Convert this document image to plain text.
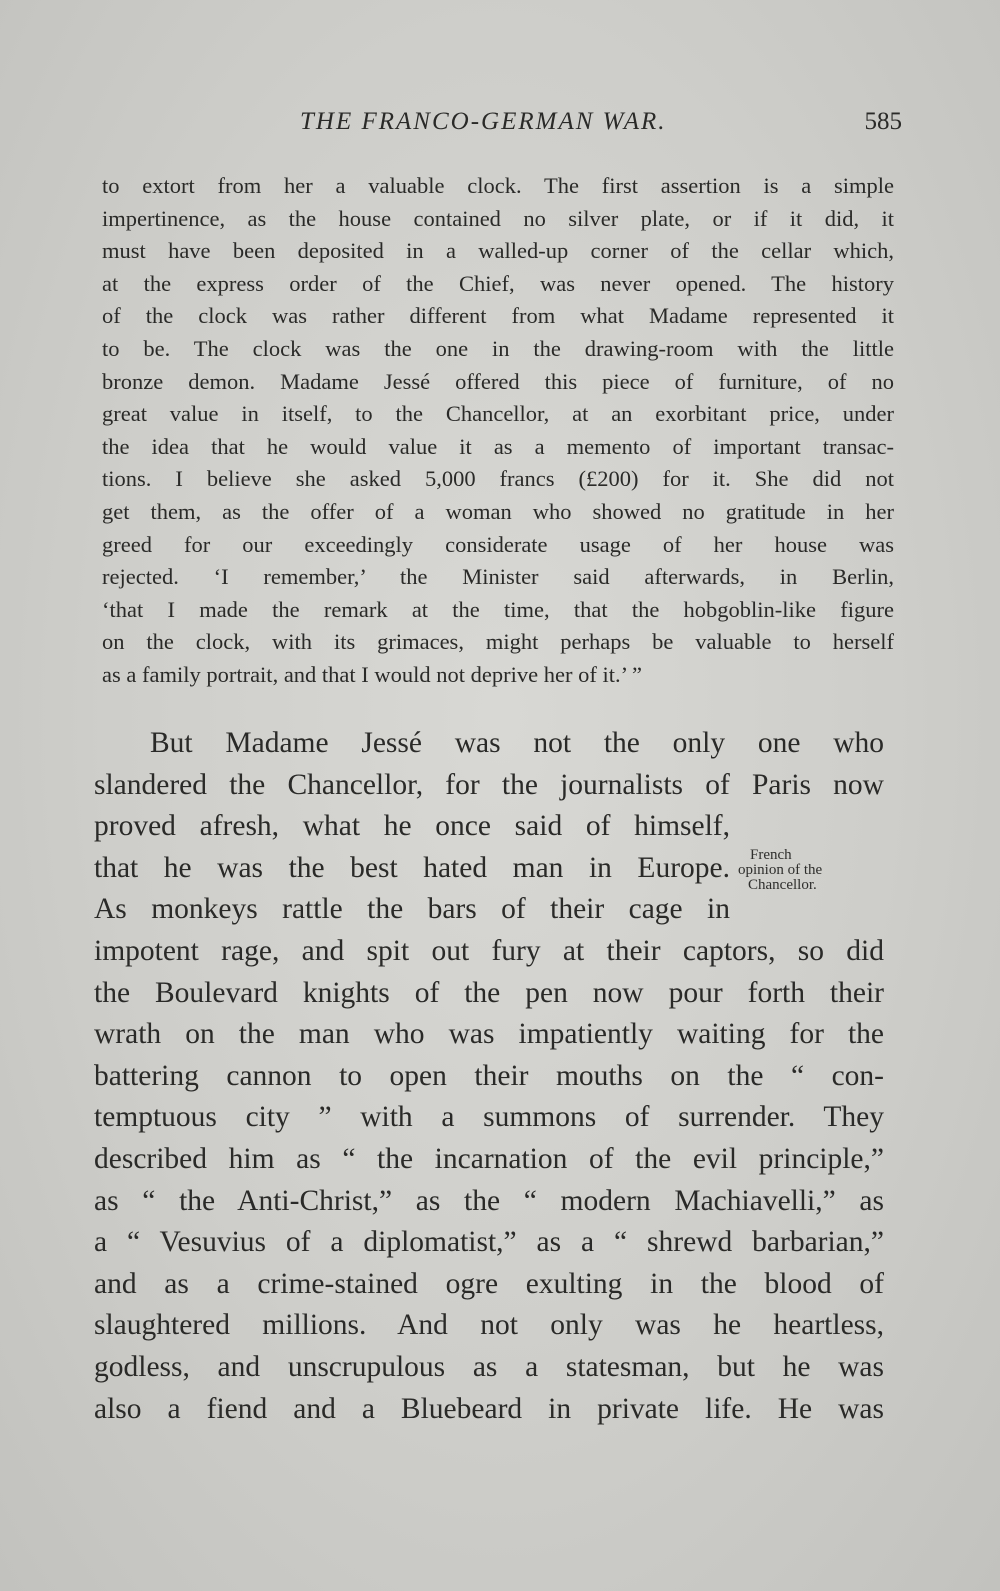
THE FRANCO-GERMAN WAR.	585
to extort from her a valuable clock. The first assertion is a simple
impertinence, as the house contained no silver plate, or if it did, it
must have been deposited in a walled-up corner of the cellar which,
at the express order of the Chief, was never opened. The history
of the clock was rather different from what Madame represented it
to be. The clock was the one in the drawing-room with the little
bronze demon. Madame Jessé offered this piece of furniture, of no
great value in itself, to the Chancellor, at an exorbitant price, under
the idea that he would value it as a memento of important transac-
tions. I believe she asked 5,000 francs (£200) for it. She did not
get them, as the offer of a woman who showed no gratitude in her
greed for our exceedingly considerate usage of her house was
rejected. ‘I remember,’ the Minister said afterwards, in Berlin,
‘that I made the remark at the time, that the hobgoblin-like figure
on the clock, with its grimaces, might perhaps be valuable to herself
as a family portrait, and that I would not deprive her of it.’ ”
But Madame Jessé was not the only one who
slandered the Chancellor, for the journalists of Paris now
proved afresh, what he once said of himself,
that he was the best hated man in Europe.
As monkeys rattle the bars of their cage in
impotent rage, and spit out fury at their captors, so did
the Boulevard knights of the pen now pour forth their
wrath on the man who was impatiently waiting for the
battering cannon to open their mouths on the “ con-
temptuous city ” with a summons of surrender. They
described him as “ the incarnation of the evil principle,”
as “ the Anti-Christ,” as the “ modern Machiavelli,” as
a “ Vesuvius of a diplomatist,” as a “ shrewd barbarian,”
and as a crime-stained ogre exulting in the blood of
slaughtered millions. And not only was he heartless,
godless, and unscrupulous as a statesman, but he was
also a fiend and a Bluebeard in private life. He was
French
opinion of the
Chancellor.
